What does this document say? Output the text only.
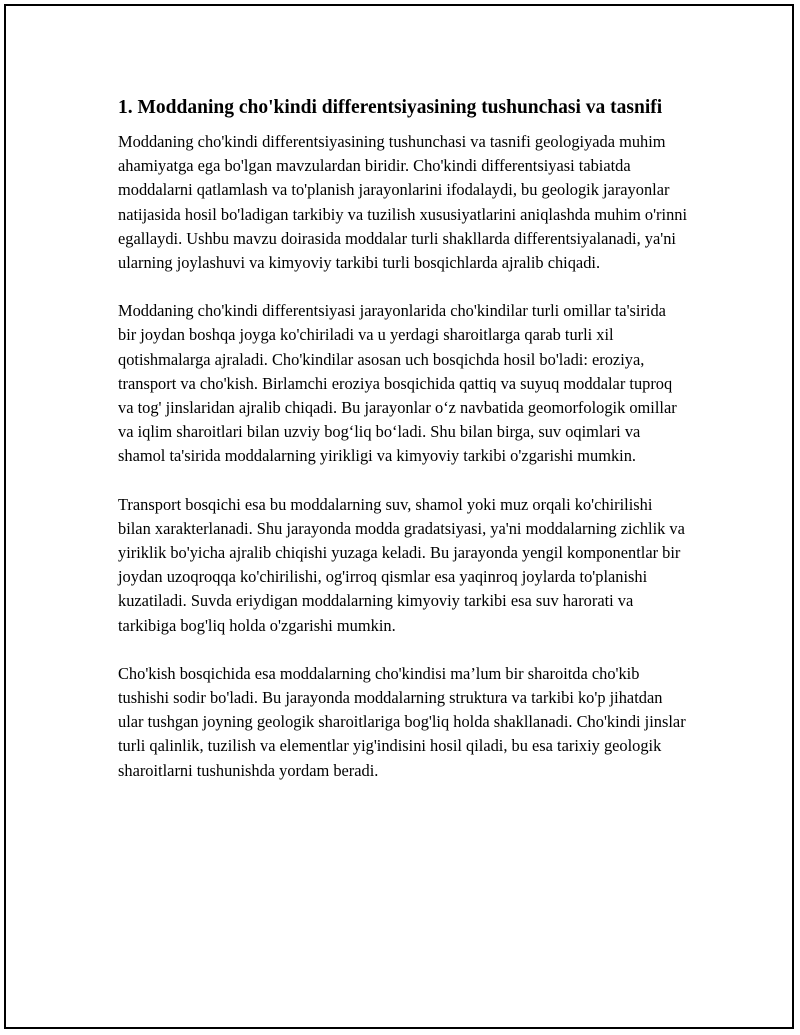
1. Moddaning cho'kindi differentsiyasining tushunchasi va tasnifi

Moddaning cho'kindi differentsiyasining tushunchasi va tasnifi geologiyada muhim ahamiyatga ega bo'lgan mavzulardan biridir. Cho'kindi differentsiyasi tabiatda moddalarni qatlamlash va to'planish jarayonlarini ifodalaydi, bu geologik jarayonlar natijasida hosil bo'ladigan tarkibiy va tuzilish xususiyatlarini aniqlashda muhim o'rinni egallaydi. Ushbu mavzu doirasida moddalar turli shakllarda differentsiyalanadi, ya'ni ularning joylashuvi va kimyoviy tarkibi turli bosqichlarda ajralib chiqadi.

Moddaning cho'kindi differentsiyasi jarayonlarida cho'kindilar turli omillar ta'sirida bir joydan boshqa joyga ko'chiriladi va u yerdagi sharoitlarga qarab turli xil qotishmalarga ajraladi. Cho'kindilar asosan uch bosqichda hosil bo'ladi: eroziya, transport va cho'kish. Birlamchi eroziya bosqichida qattiq va suyuq moddalar tuproq va tog' jinslaridan ajralib chiqadi. Bu jarayonlar o‘z navbatida geomorfologik omillar va iqlim sharoitlari bilan uzviy bog‘liq bo‘ladi. Shu bilan birga, suv oqimlari va shamol ta'sirida moddalarning yirikligi va kimyoviy tarkibi o'zgarishi mumkin.

Transport bosqichi esa bu moddalarning suv, shamol yoki muz orqali ko'chirilishi bilan xarakterlanadi. Shu jarayonda modda gradatsiyasi, ya'ni moddalarning zichlik va yiriklik bo'yicha ajralib chiqishi yuzaga keladi. Bu jarayonda yengil komponentlar bir joydan uzoqroqqa ko'chirilishi, og'irroq qismlar esa yaqinroq joylarda to'planishi kuzatiladi. Suvda eriydigan moddalarning kimyoviy tarkibi esa suv harorati va tarkibiga bog'liq holda o'zgarishi mumkin.

Cho'kish bosqichida esa moddalarning cho'kindisi ma’lum bir sharoitda cho'kib tushishi sodir bo'ladi. Bu jarayonda moddalarning struktura va tarkibi ko'p jihatdan ular tushgan joyning geologik sharoitlariga bog'liq holda shakllanadi. Cho'kindi jinslar turli qalinlik, tuzilish va elementlar yig'indisini hosil qiladi, bu esa tarixiy geologik sharoitlarni tushunishda yordam beradi.
